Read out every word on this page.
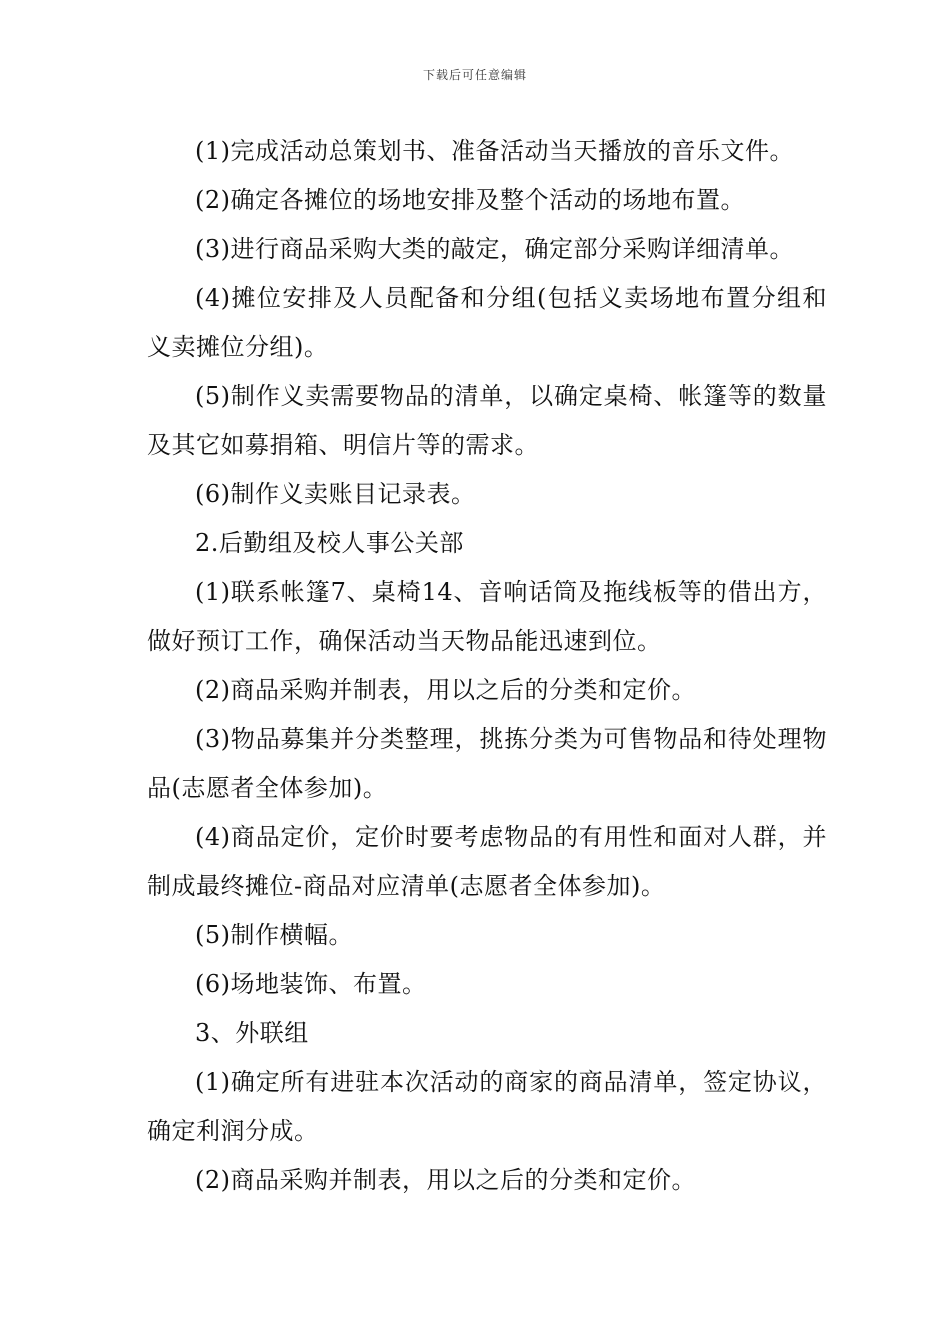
下载后可任意编辑

(1)完成活动总策划书、准备活动当天播放的音乐文件。

(2)确定各摊位的场地安排及整个活动的场地布置。

(3)进行商品采购大类的敲定，确定部分采购详细清单。

(4)摊位安排及人员配备和分组(包括义卖场地布置分组和义卖摊位分组)。

(5)制作义卖需要物品的清单，以确定桌椅、帐篷等的数量及其它如募捐箱、明信片等的需求。

(6)制作义卖账目记录表。

2.后勤组及校人事公关部

(1)联系帐篷7、桌椅14、音响话筒及拖线板等的借出方，做好预订工作，确保活动当天物品能迅速到位。

(2)商品采购并制表，用以之后的分类和定价。

(3)物品募集并分类整理，挑拣分类为可售物品和待处理物品(志愿者全体参加)。

(4)商品定价，定价时要考虑物品的有用性和面对人群，并制成最终摊位-商品对应清单(志愿者全体参加)。

(5)制作横幅。

(6)场地装饰、布置。

3、外联组

(1)确定所有进驻本次活动的商家的商品清单，签定协议，确定利润分成。

(2)商品采购并制表，用以之后的分类和定价。
